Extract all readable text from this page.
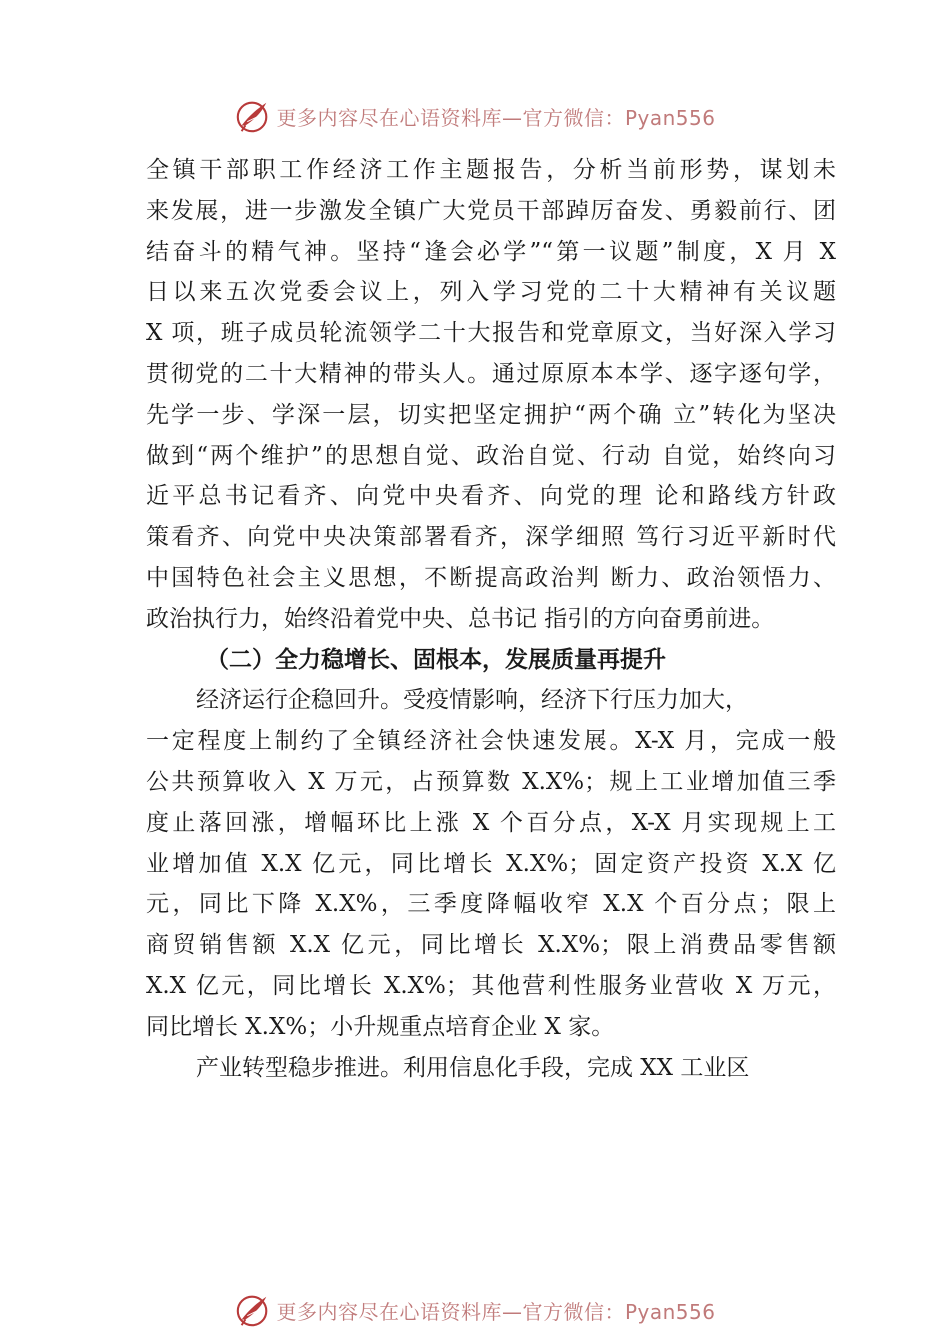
更多内容尽在心语资料库—官方微信：Pyan556
全镇干部职工作经济工作主题报告，分析当前形势，谋划未
来发展，进一步激发全镇广大党员干部踔厉奋发、勇毅前行、团
结奋斗的精气神。坚持“逢会必学”“第一议题”制度，X 月 X
日以来五次党委会议上，列入学习党的二十大精神有关议题
X 项，班子成员轮流领学二十大报告和党章原文，当好深入学习
贯彻党的二十大精神的带头人。通过原原本本学、逐字逐句学，
先学一步、学深一层，切实把坚定拥护“两个确 立”转化为坚决
做到“两个维护”的思想自觉、政治自觉、行动 自觉，始终向习
近平总书记看齐、向党中央看齐、向党的理 论和路线方针政
策看齐、向党中央决策部署看齐，深学细照 笃行习近平新时代
中国特色社会主义思想，不断提高政治判 断力、政治领悟力、
政治执行力，始终沿着党中央、总书记 指引的方向奋勇前进。
（二）全力稳增长、固根本，发展质量再提升
经济运行企稳回升。受疫情影响，经济下行压力加大，
一定程度上制约了全镇经济社会快速发展。X-X 月，完成一般
公共预算收入 X 万元，占预算数 X.X%；规上工业增加值三季
度止落回涨，增幅环比上涨 X 个百分点，X-X 月实现规上工
业增加值 X.X 亿元，同比增长 X.X%；固定资产投资 X.X 亿
元，同比下降 X.X%，三季度降幅收窄 X.X 个百分点；限上
商贸销售额 X.X 亿元，同比增长 X.X%；限上消费品零售额
X.X 亿元，同比增长 X.X%；其他营利性服务业营收 X 万元，
同比增长 X.X%；小升规重点培育企业 X 家。
产业转型稳步推进。利用信息化手段，完成 XX 工业区
更多内容尽在心语资料库—官方微信：Pyan556
